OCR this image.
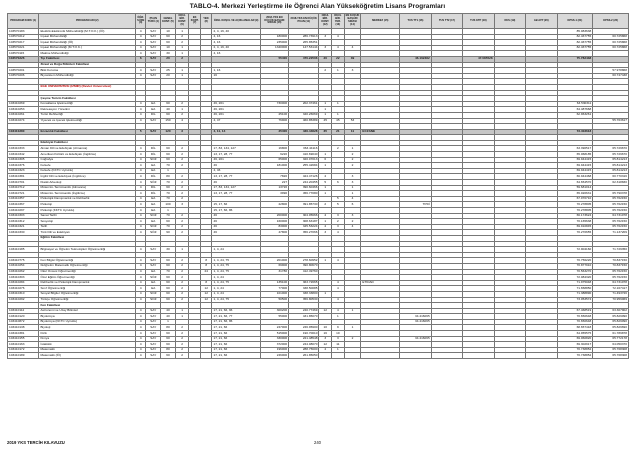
TABLO-4. Merkezi Yerleştirme ile Öğrenci Alan Yükseköğretim Lisans Programları
PROGRAM KODU (1)	PROGRAM ADI (2)	ÖĞR. SÜRE (3)	PUAN TÜRÜ (4)	GENEL KONT. (5)	OKUL BİR. KONT. (6)	EK KONT. (7)	YER. (8)	ÖZEL KOŞUL VE AÇIKLAMALAR (9)	2018-YKS EN KÜÇÜK BAŞARI SIRASI (10)	2018-YKS EN KÜÇÜK PUAN (11)	OKUL BİR. KONT. (12)	OKUL BİR. YER. (13)	EN KÜÇÜK BAŞARI SIRASI (14)	MERKEZ (15)	TUS TT1 (16)	TUS TT2 (17)	TUS KTP (18)	DUS (19)	AB AYP (20)	KPSS-1 (21)	KPSS-2 (22)
103570183	Elektrik-Elektronik Mühendisliği (M.T.O.K.) (İÖ)	4	SAY	10	1			2, 4, 16, 40												85.083638	
103570212	İnşaat Mühendisliği	4	SAY	60	2			4, 16	180000	286.73913	3	4								82.467755	60.725868
103570217	İnşaat Mühendisliği (İÖ)	4	SAY	60	2			4, 16	235000	265.85351										82.467755	60.725868
103570221	İnşaat Mühendisliği (M.T.O.K.)	4	SAY	10	1			2, 4, 16, 40	1340000	147.53144	3	4	4							82.467755	60.725868
103570115	Makine Mühendisliği	4	SAY	30	1			4, 16													
103570226	Tıp Fakültesi	6	SAY	20	2				55400	470.22506	20	22	39		46.162382		47.085528			75.782438	
	Ziraat ve Doğa Bilimleri Fakültesi																				
103570201	Bitki Koruma	4	SAY	25	1			1, 16			2	1	3								57.978868
103570206	Biyosistem Mühendisliği	4	SAY	20	1			16													60.747438

	EGE ÜNİVERSİTESİ (İZMİR) (Devlet Üniversitesi)																				

	Çeşme Turizm Fakültesi																				
103410269	Konaklama İşletmeciliği	4	EA	60	2			46, 201	730000	202.37461	1	1								63.530311	
103410253	Rekreasyon Yönetimi	4	EA	40	1			46, 201			1									64.487668	
103410261	Turist Rehberliği	4	DİL	60	2			46, 201	25100	340.26069	1	1								62.963261	
103410274	Yiyecek ve İçecek İşletmeciliği	4	SAY	150	4			4, 47	76900	460.85389	45	45	53								55.763617

103410280	Eczacılık Fakültesi	5	SAY	120	3			4, 11, 14	25400	436.44828	35	21	11	ECZANE						73.403618	

	Edebiyat Fakültesi																				
103410333	Alman Dili ve Edebiyatı (Almanca)	4	DİL	60	2			17, 83, 134, 127	16800	363.44116		2	1							63.390517	65.729670
103410342	Amerikan Kültürü ve Edebiyatı (İngilizce)	4	DİL	60	2			13, 17, 28, 77	9220	410.69040	1		2							65.068185	65.729670
103410305	Coğrafya	4	SÖZ	60	2			46, 201	65000	320.07013	6		2							69.944415	65.814213
103410376	Felsefe	4	EA	70	2			46	181000	255.42684	1		2							69.944415	65.814213
103410323	Felsefe (KKTC Uyruklu)	4	EA	1				4, 46												69.944415	65.814213
103410381	İngiliz Dili ve Edebiyatı (İngilizce)	4	DİL	80	2			13, 17, 28, 77	7820	424.47126	4		3							66.944468	60.770316
103410701	Klasik Arkeoloji	4	SÖZ	70	2			46	227	244.20455	5	6	3							64.654570	62.318830
103410712	Mütercim-Tercümanlık (Almanca)	4	DİL	60	2			17, 83, 134, 127	13720	390.60466	1		1							59.681014	
103410721	Mütercim-Tercümanlık (İngilizce)	4	DİL	70	2			13, 17, 28, 77	3990	456.77080	1		1							65.020631	65.790378
103410357	Psikolojik Danışmanlık ve Rehberlik	4	EA	70	2							5	4							67.070710	65.762150
103410367	Psikoloji	4	EA	100	3			15, 17, 66	22800	391.85730	2	5	6		TPDİ					70.278805	65.762150
103410297	Psikoloji (KKTC Uyruklu)	4	EA	1				15, 17, 66, 86												70.278805	65.762150
103410303	Sanat Tarihi	4	SÖZ	70	2			46	200000	304.05666	4	3	3							66.173624	64.731078
103410312	Sosyoloji	4	EA	60	2			46	160000	308.63187	1	2	2							70.165638	65.762150
103410321	Tarih	4	SÖZ	70	2			46	83000	345.53224	4	3	4							69.910845	65.762150
103410330	Türk Dili ve Edebiyatı	4	SÖZ	90	2			46	47800	356.27066	3	4								70.270655	71.137209
	Eğitim Fakültesi																				

103410185	Bilgisayar ve Öğretim Teknolojileri Öğretmenliği	4	SAY	30	1			1, 4, 24												72.904160	71.729350

103410775	Fen Bilgisi Öğretmenliği	4	SAY	60	2		8	1, 4, 24, 75	201000	278.60952	1	4								70.756220	70.837150
103410254	İlköğretim Matematik Öğretmenliği	4	SAY	60	2		8	1, 4, 24, 75	69900	390.80670										70.877910	70.837150
103410262	Okul Öncesi Öğretmenliği	4	EA	70	2		24	1, 4, 24, 75	31780	412.49760										70.563270	65.762150
103410303	Özel Eğitim Öğretmenliği	4	SÖZ	60	2			1, 4, 24												72.084320	65.762150
103410284	Rehberlik ve Psikolojik Danışmanlık	4	EA	60	2		8	1, 4, 24, 75	135100	363.72665		4		ETİDAD						71.975048	64.731078
103410276	Sınıf Öğretmenliği	4	EA	60	2		12	1, 4, 24	77000	338.50085		4								71.658850	72.167417
103410310	Sosyal Bilgiler Öğretmenliği	4	SÖZ	60	2		12	1, 4, 24	101000	338.33800	1									71.388890	71.493726
103410292	Türkçe Öğretmenliği	4	SÖZ	60	2		12	1, 4, 24, 75	50500	356.80530		4								73.053574	70.959069
	Fen Fakültesi																				
103410112	Astronomi ve Uzay Bilimleri	4	SAY	40	1			17, 21, 66, 96	300200	240.77469	12	4	1							67.468519	63.307902
103410120	Biyokimya	4	SAY	40	1			17, 21, 66, 77	55000	431.85070		1			34.416065					70.650648	65.829090
103410872	Biyokimya (KKTC Uyruklu)	4	SAY	1				17, 21, 66, 86							34.416065					70.650648	65.829090
103410138	Biyoloji	4	SAY	80	2			17, 21, 66	247000	246.95900	10	9	1							68.657418	65.829690
103410381	Fizik	4	SAY	60	2			17, 21, 66	515000	190.70010	16	10								64.955575	61.789878
103410155	Kimya	4	SAY	60	2			17, 21, 66	330000	221.48548	3	3	2		34.416065					69.060820	65.772178
103410163	İstatistik	4	SAY	60	2			17, 21, 66	372000	244.08070	12	11								69.302917	64.050370
103410172	Matematik	4	SAY	80	2			17, 21, 66	196000	288.75600	4	1								70.738852	65.768308
103410189	Matematik (İÖ)	4	SAY	60	2			17, 21, 66	246000	261.85050										70.738852	65.768308
2019 YKS TERCİH KILAVUZU	240
